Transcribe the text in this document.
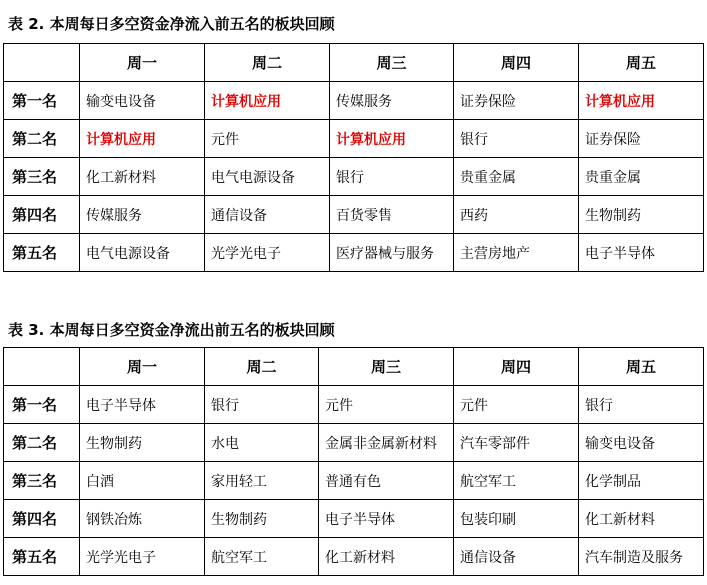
表 2. 本周每日多空资金净流入前五名的板块回顾
	周一	周二	周三	周四	周五
第一名	输变电设备	计算机应用	传媒服务	证券保险	计算机应用
第二名	计算机应用	元件	计算机应用	银行	证券保险
第三名	化工新材料	电气电源设备	银行	贵重金属	贵重金属
第四名	传媒服务	通信设备	百货零售	西药	生物制药
第五名	电气电源设备	光学光电子	医疗器械与服务	主营房地产	电子半导体
表 3. 本周每日多空资金净流出前五名的板块回顾
	周一	周二	周三	周四	周五
第一名	电子半导体	银行	元件	元件	银行
第二名	生物制药	水电	金属非金属新材料	汽车零部件	输变电设备
第三名	白酒	家用轻工	普通有色	航空军工	化学制品
第四名	钢铁冶炼	生物制药	电子半导体	包装印刷	化工新材料
第五名	光学光电子	航空军工	化工新材料	通信设备	汽车制造及服务
